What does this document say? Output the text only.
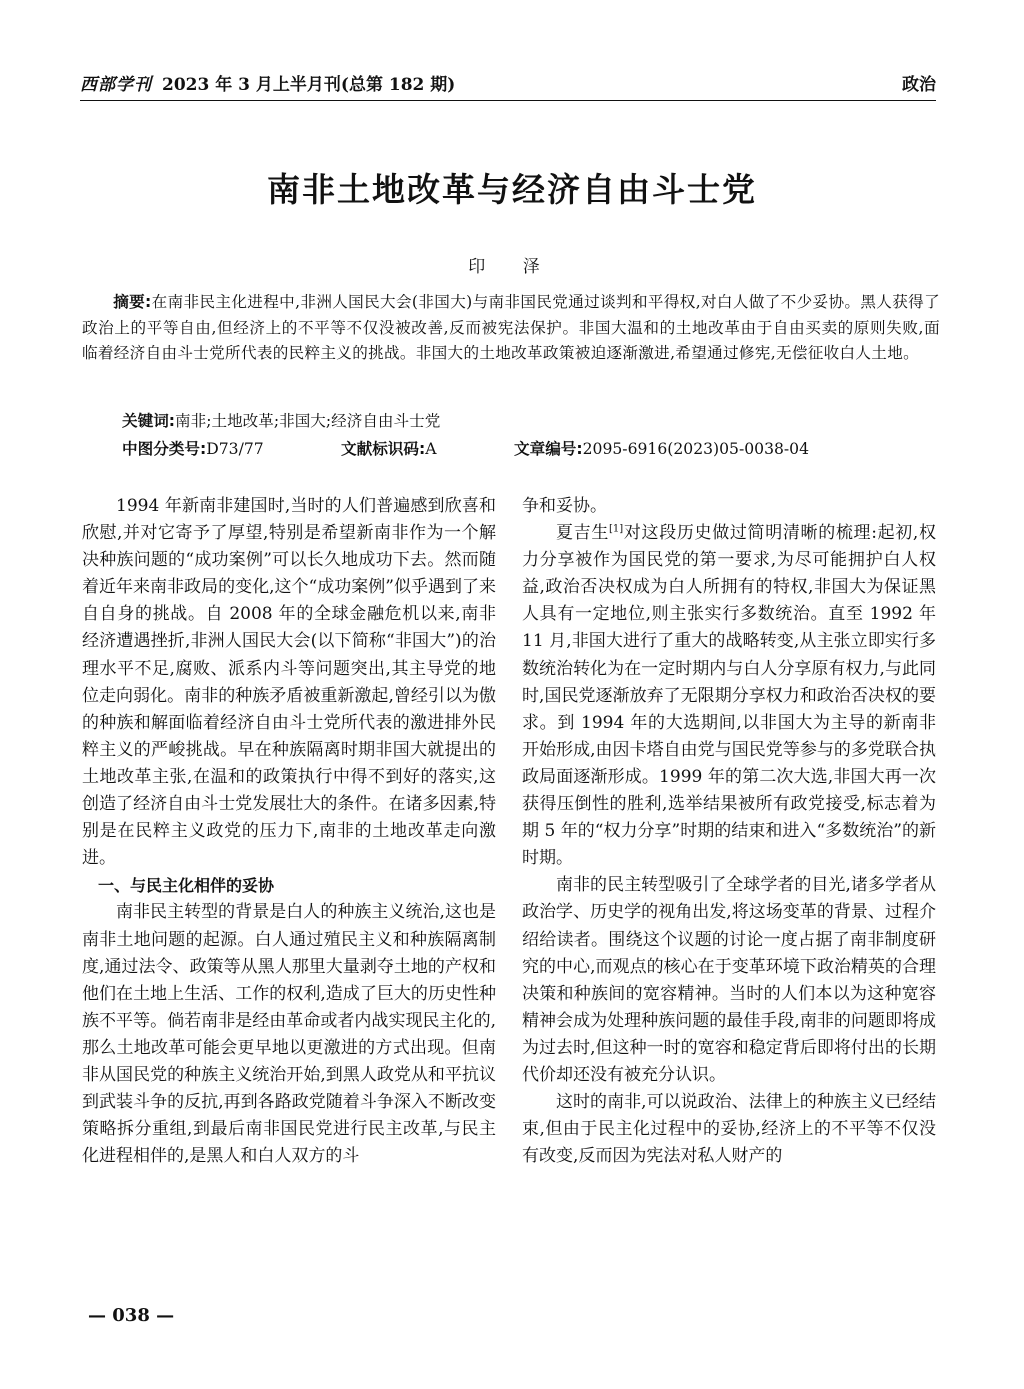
西部学刊 2023 年 3 月上半月刊(总第 182 期)	政治
南非土地改革与经济自由斗士党
印 泽

摘要:在南非民主化进程中,非洲人国民大会(非国大)与南非国民党通过谈判和平得权,对白人做了不少妥协。黑人获得了政治上的平等自由,但经济上的不平等不仅没被改善,反而被宪法保护。非国大温和的土地改革由于自由买卖的原则失败,面临着经济自由斗士党所代表的民粹主义的挑战。非国大的土地改革政策被迫逐渐激进,希望通过修宪,无偿征收白人土地。

关键词:南非;土地改革;非国大;经济自由斗士党
中图分类号:D73/77	文献标识码:A	文章编号:2095-6916(2023)05-0038-04

1994 年新南非建国时,当时的人们普遍感到欣喜和欣慰,并对它寄予了厚望,特别是希望新南非作为一个解决种族问题的“成功案例”可以长久地成功下去。然而随着近年来南非政局的变化,这个“成功案例”似乎遇到了来自自身的挑战。自 2008 年的全球金融危机以来,南非经济遭遇挫折,非洲人国民大会(以下简称“非国大”)的治理水平不足,腐败、派系内斗等问题突出,其主导党的地位走向弱化。南非的种族矛盾被重新激起,曾经引以为傲的种族和解面临着经济自由斗士党所代表的激进排外民粹主义的严峻挑战。早在种族隔离时期非国大就提出的土地改革主张,在温和的政策执行中得不到好的落实,这创造了经济自由斗士党发展壮大的条件。在诸多因素,特别是在民粹主义政党的压力下,南非的土地改革走向激进。

一、与民主化相伴的妥协

南非民主转型的背景是白人的种族主义统治,这也是南非土地问题的起源。白人通过殖民主义和种族隔离制度,通过法令、政策等从黑人那里大量剥夺土地的产权和他们在土地上生活、工作的权利,造成了巨大的历史性种族不平等。倘若南非是经由革命或者内战实现民主化的,那么土地改革可能会更早地以更激进的方式出现。但南非从国民党的种族主义统治开始,到黑人政党从和平抗议到武装斗争的反抗,再到各路政党随着斗争深入不断改变策略拆分重组,到最后南非国民党进行民主改革,与民主化进程相伴的,是黑人和白人双方的斗

争和妥协。

夏吉生[1]对这段历史做过简明清晰的梳理:起初,权力分享被作为国民党的第一要求,为尽可能拥护白人权益,政治否决权成为白人所拥有的特权,非国大为保证黑人具有一定地位,则主张实行多数统治。直至 1992 年 11 月,非国大进行了重大的战略转变,从主张立即实行多数统治转化为在一定时期内与白人分享原有权力,与此同时,国民党逐渐放弃了无限期分享权力和政治否决权的要求。到 1994 年的大选期间,以非国大为主导的新南非开始形成,由因卡塔自由党与国民党等参与的多党联合执政局面逐渐形成。1999 年的第二次大选,非国大再一次获得压倒性的胜利,选举结果被所有政党接受,标志着为期 5 年的“权力分享”时期的结束和进入“多数统治”的新时期。

南非的民主转型吸引了全球学者的目光,诸多学者从政治学、历史学的视角出发,将这场变革的背景、过程介绍给读者。围绕这个议题的讨论一度占据了南非制度研究的中心,而观点的核心在于变革环境下政治精英的合理决策和种族间的宽容精神。当时的人们本以为这种宽容精神会成为处理种族问题的最佳手段,南非的问题即将成为过去时,但这种一时的宽容和稳定背后即将付出的长期代价却还没有被充分认识。

这时的南非,可以说政治、法律上的种族主义已经结束,但由于民主化过程中的妥协,经济上的不平等不仅没有改变,反而因为宪法对私人财产的

— 038 —
